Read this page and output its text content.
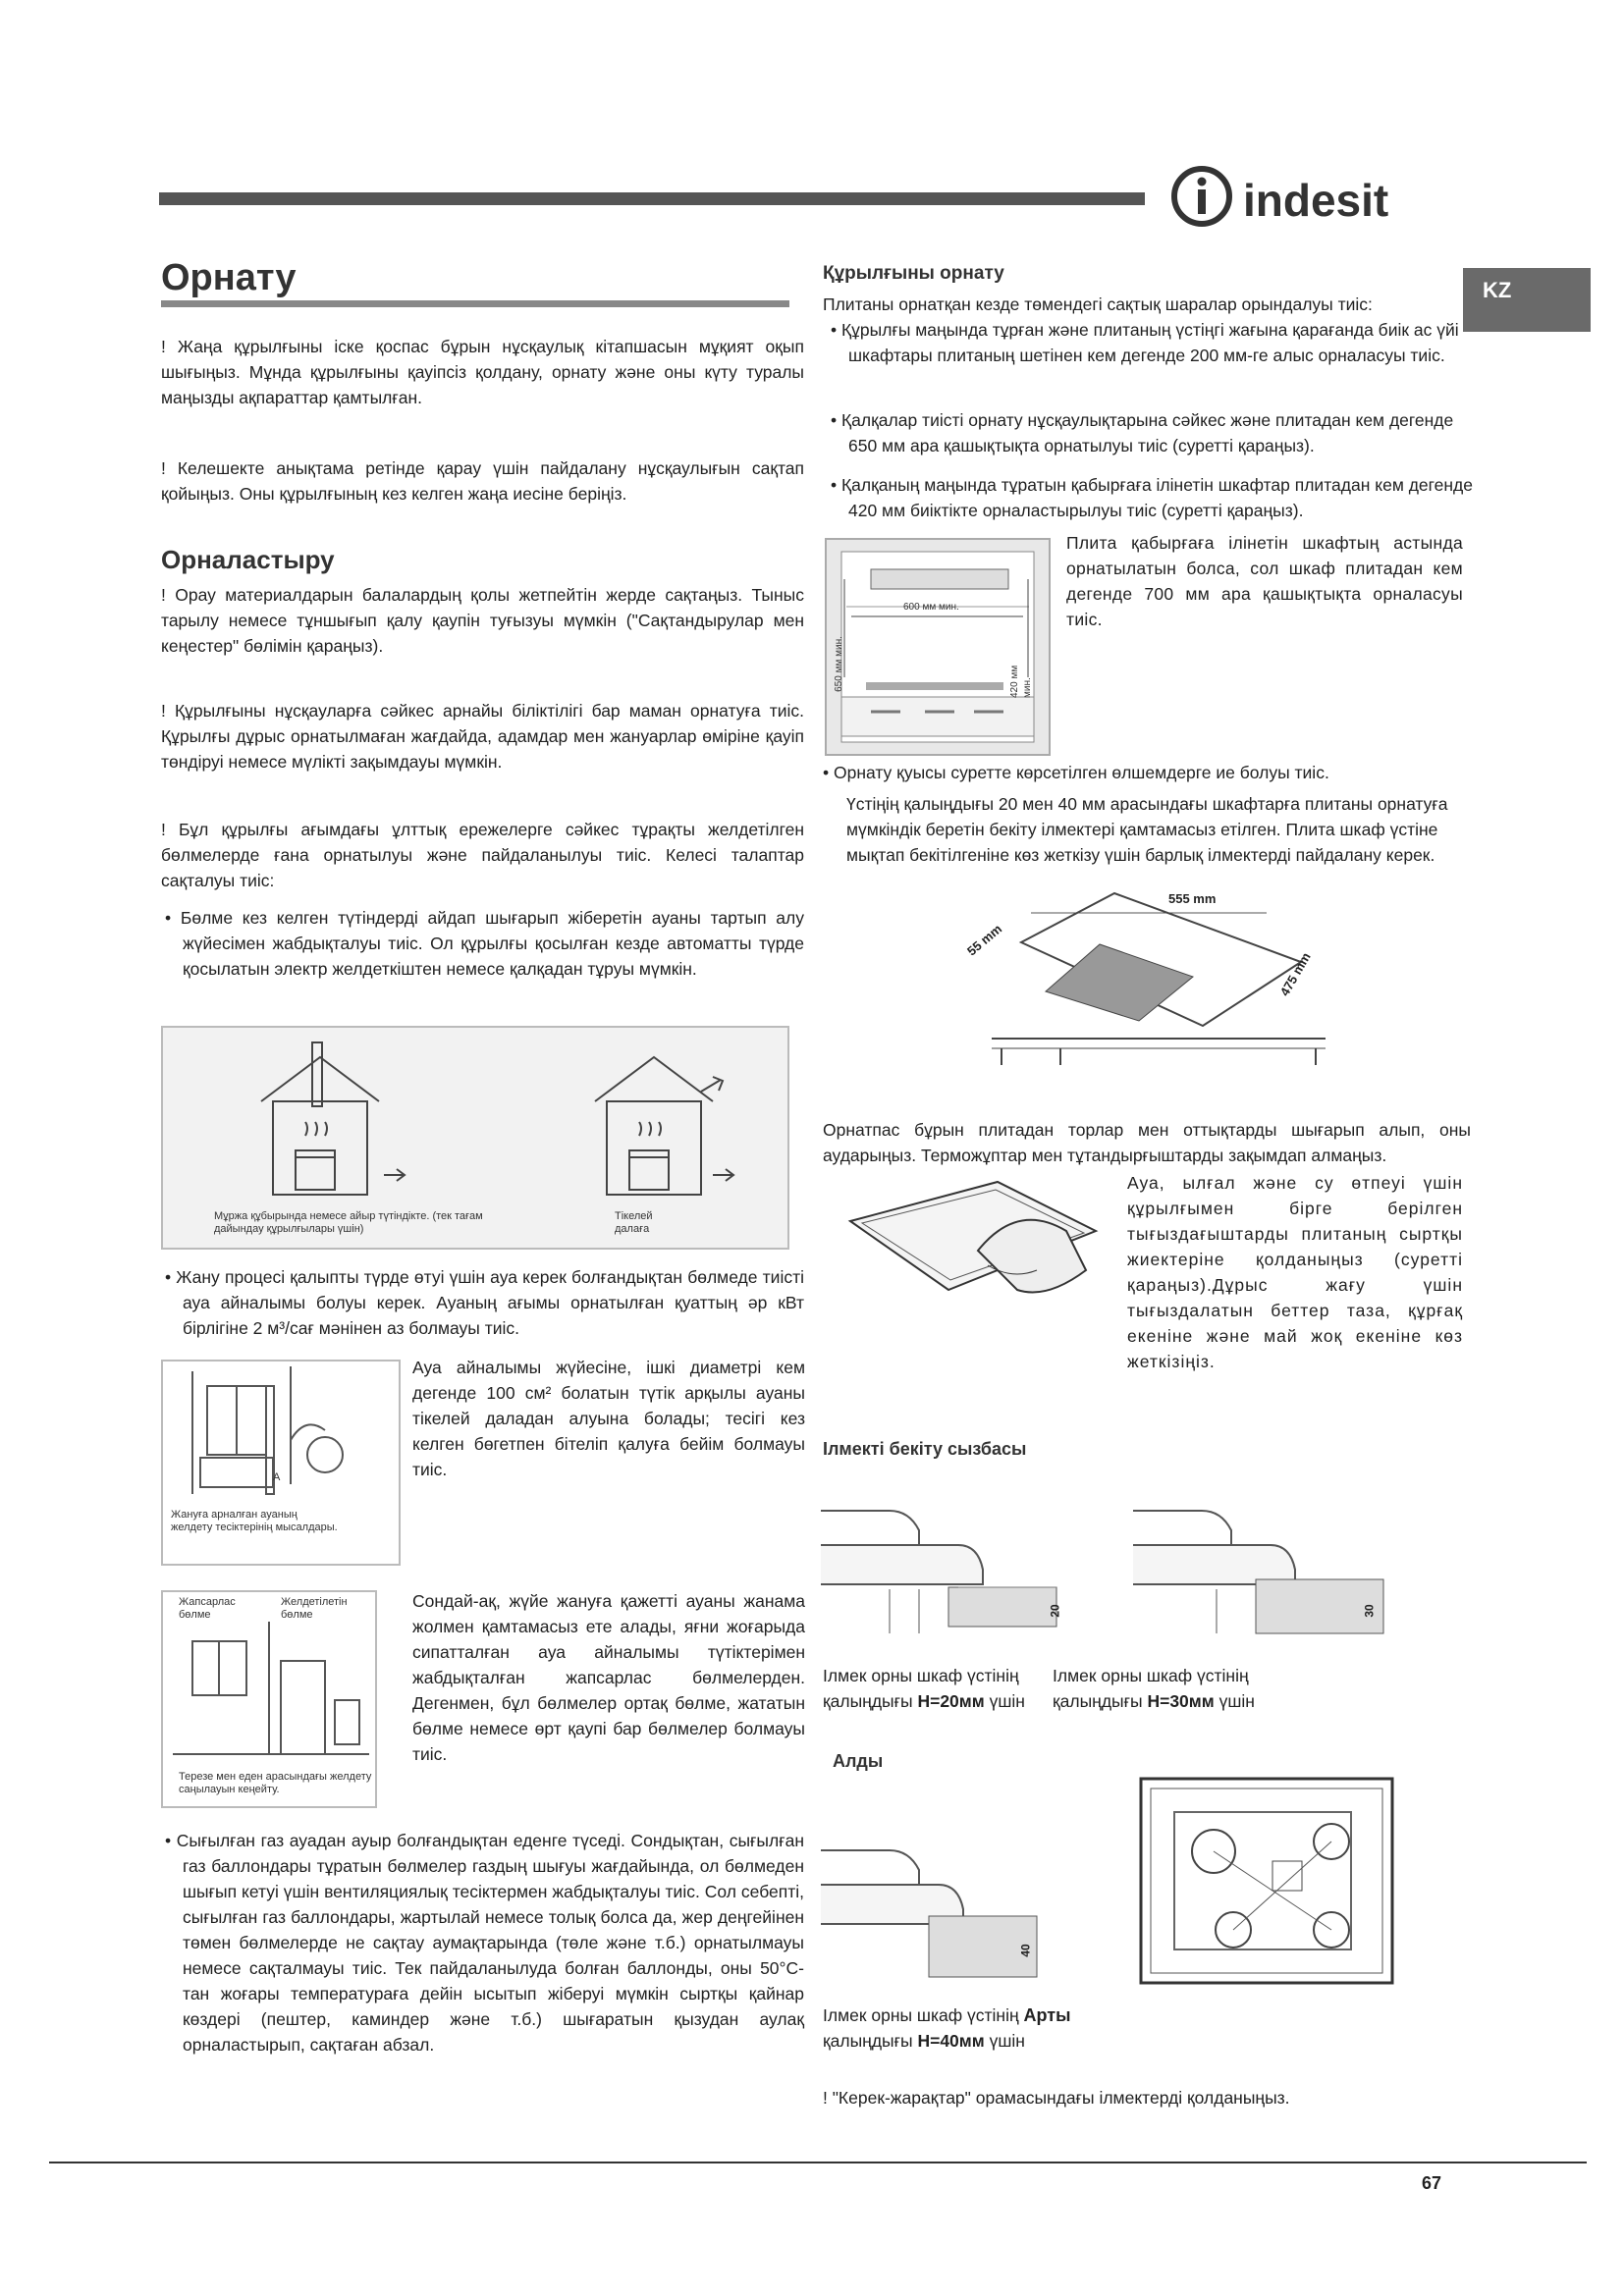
indesit
KZ
Орнату
! Жаңа құрылғыны іске қоспас бұрын нұсқаулық кітапшасын мұқият оқып шығыңыз. Мұнда құрылғыны қауіпсіз қолдану, орнату және оны күту туралы маңызды ақпараттар қамтылған.
! Келешекте анықтама ретінде қарау үшін пайдалану нұсқаулығын сақтап қойыңыз. Оны құрылғының кез келген жаңа иесіне беріңіз.
Орналастыру
! Орау материалдарын балалардың қолы жетпейтін жерде сақтаңыз. Тыныс тарылу немесе тұншығып қалу қаупін туғызуы мүмкін ("Сақтандырулар мен кеңестер" бөлімін қараңыз).
! Құрылғыны нұсқауларға сәйкес арнайы біліктілігі бар маман орнатуға тиіс. Құрылғы дұрыс орнатылмаған жағдайда, адамдар мен жануарлар өміріне қауіп төндіруі немесе мүлікті зақымдауы мүмкін.
! Бұл құрылғы ағымдағы ұлттық ережелерге сәйкес тұрақты желдетілген бөлмелерде ғана орнатылуы және пайдаланылуы тиіс. Келесі талаптар сақталуы тиіс:
• Бөлме кез келген түтіндерді айдап шығарып жіберетін ауаны тартып алу жүйесімен жабдықталуы тиіс. Ол құрылғы қосылған кезде автоматты түрде қосылатын электр желдеткіштен немесе қалқадан тұруы мүмкін.
Мұржа құбырында немесе айыр түтіндікте. (тек тағам дайындау құрылғылары үшін)
Тікелей далаға
• Жану процесі қалыпты түрде өтуі үшін ауа керек болғандықтан бөлмеде тиісті ауа айналымы болуы керек. Ауаның ағымы орнатылған қуаттың әр кВт бірлігіне 2 м³/сағ мәнінен аз болмауы тиіс.
A
Жануға арналған ауаның желдету тесіктерінің мысалдары.
Ауа айналымы жүйесіне, ішкі диаметрі кем дегенде 100 см² болатын түтік арқылы ауаны тікелей даладан алуына болады; тесігі кез келген бөгетпен бітеліп қалуға бейім болмауы тиіс.
Жапсарлас бөлме
Желдетілетін бөлме
Терезе мен еден арасындағы желдету саңылауын кеңейту.
Сондай-ақ, жүйе жануға қажетті ауаны жанама жолмен қамтамасыз ете алады, яғни жоғарыда сипатталған ауа айналымы түтіктерімен жабдықталған жапсарлас бөлмелерден. Дегенмен, бұл бөлмелер ортақ бөлме, жататын бөлме немесе өрт қаупі бар бөлмелер болмауы тиіс.
• Сығылған газ ауадан ауыр болғандықтан еденге түседі. Сондықтан, сығылған газ баллондары тұратын бөлмелер газдың шығуы жағдайында, ол бөлмеден шығып кетуі үшін вентиляциялық тесіктермен жабдықталуы тиіс. Сол себепті, сығылған газ баллондары, жартылай немесе толық болса да, жер деңгейінен төмен бөлмелерде не сақтау аумақтарында (төле және т.б.) орнатылмауы немесе сақталмауы тиіс. Тек пайдаланылуда болған баллонды, оны 50°C-тан жоғары температураға дейін ысытып жіберуі мүмкін сыртқы қайнар көздері (пештер, каминдер және т.б.) шығаратын қызудан аулақ орналастырып, сақтаған абзал.
Құрылғыны орнату
Плитаны орнатқан кезде төмендегі сақтық шаралар орындалуы тиіс:
• Құрылғы маңында тұрған және плитаның үстіңгі жағына қарағанда биік ас үйі шкафтары плитаның шетінен кем дегенде 200 мм-ге алыс орналасуы тиіс.
• Қалқалар тиісті орнату нұсқаулықтарына сәйкес және плитадан кем дегенде 650 мм ара қашықтықта орнатылуы тиіс (суретті қараңыз).
• Қалқаның маңында тұратын қабырғаға ілінетін шкафтар плитадан кем дегенде 420 мм биіктікте орналастырылуы тиіс (суретті қараңыз).
600 мм мин.
650 мм мин.	420 мм мин.
Плита қабырғаға ілінетін шкафтың астында орнатылатын болса, сол шкаф плитадан кем дегенде 700 мм ара қашықтықта орналасуы тиіс.
• Орнату қуысы суретте көрсетілген өлшемдерге ие болуы тиіс.
Үстіңің қалыңдығы 20 мен 40 мм арасындағы шкафтарға плитаны орнатуға мүмкіндік беретін бекіту ілмектері қамтамасыз етілген. Плита шкаф үстіне мықтап бекітілгеніне көз жеткізу үшін барлық ілмектерді пайдалану керек.
555 mm
55 mm
475 mm
Орнатпас бұрын плитадан торлар мен оттықтарды шығарып алып, оны аударыңыз. Терможұптар мен тұтандырғыштарды зақымдап алмаңыз.
Ауа, ылғал және су өтпеуі үшін құрылғымен бірге берілген тығыздағыштарды плитаның сыртқы жиектеріне қолданыңыз (суретті қараңыз).Дұрыс жағу үшін тығыздалатын беттер таза, құрғақ екеніне және май жоқ екеніне көз жеткізіңіз.
Ілмекті бекіту сызбасы
20	30
Ілмек орны шкаф үстінің
қалыңдығы H=20мм үшін
Ілмек орны шкаф үстінің
қалыңдығы H=30мм үшін
Алды
40
Ілмек орны шкаф үстінің Арты
қалыңдығы H=40мм үшін
! "Керек-жарақтар" орамасындағы ілмектерді қолданыңыз.
67
